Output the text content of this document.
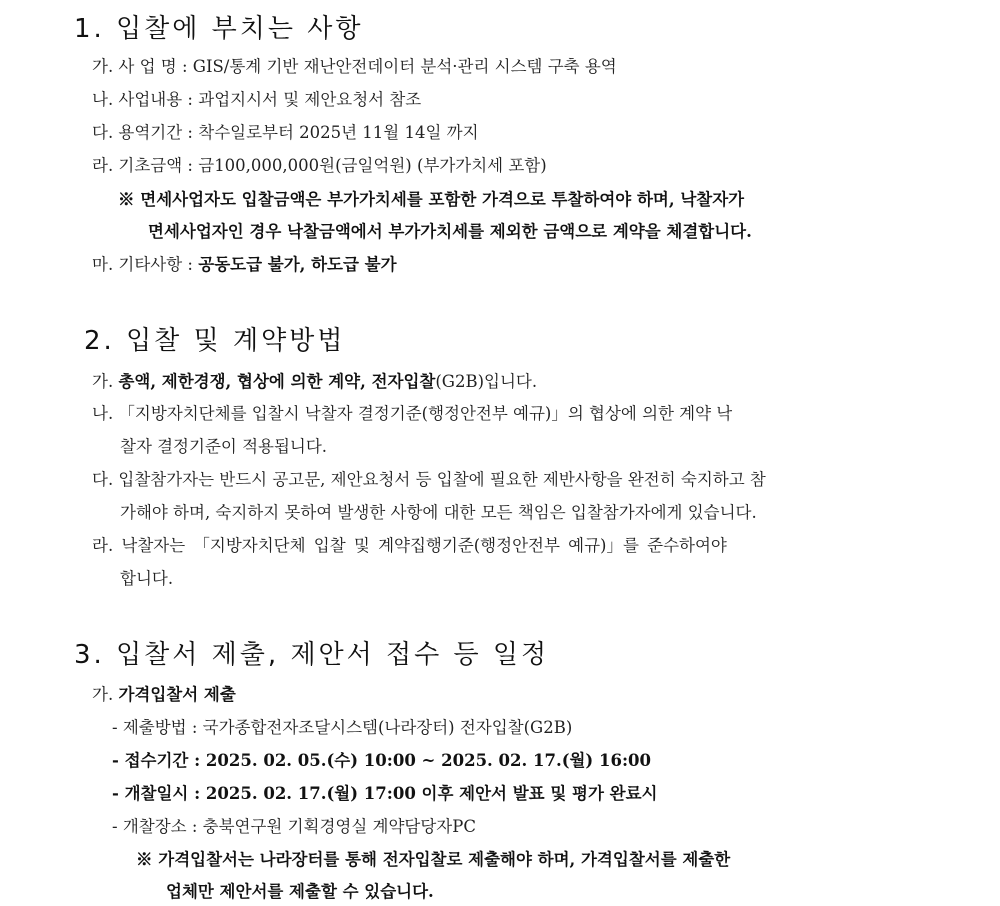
1. 입찰에 부치는 사항
가. 사 업 명 : GIS/통계 기반 재난안전데이터 분석·관리 시스템 구축 용역
나. 사업내용 : 과업지시서 및 제안요청서 참조
다. 용역기간 : 착수일로부터 2025년 11월 14일 까지
라. 기초금액 : 금100,000,000원(금일억원) (부가가치세 포함)
※ 면세사업자도 입찰금액은 부가가치세를 포함한 가격으로 투찰하여야 하며, 낙찰자가
면세사업자인 경우 낙찰금액에서 부가가치세를 제외한 금액으로 계약을 체결합니다.
마. 기타사항 : 공동도급 불가, 하도급 불가
2. 입찰 및 계약방법
가. 총액, 제한경쟁, 협상에 의한 계약, 전자입찰(G2B)입니다.
나. 「지방자치단체를 입찰시 낙찰자 결정기준(행정안전부 예규)」의 협상에 의한 계약 낙
찰자 결정기준이 적용됩니다.
다. 입찰참가자는 반드시 공고문, 제안요청서 등 입찰에 필요한 제반사항을 완전히 숙지하고 참
가해야 하며, 숙지하지 못하여 발생한 사항에 대한 모든 책임은 입찰참가자에게 있습니다.
라. 낙찰자는 「지방자치단체 입찰 및 계약집행기준(행정안전부 예규)」를 준수하여야
합니다.
3. 입찰서 제출, 제안서 접수 등 일정
가. 가격입찰서 제출
- 제출방법 : 국가종합전자조달시스템(나라장터) 전자입찰(G2B)
- 접수기간 : 2025. 02. 05.(수) 10:00 ~ 2025. 02. 17.(월) 16:00
- 개찰일시 : 2025. 02. 17.(월) 17:00 이후 제안서 발표 및 평가 완료시
- 개찰장소 : 충북연구원 기획경영실 계약담당자PC
※ 가격입찰서는 나라장터를 통해 전자입찰로 제출해야 하며, 가격입찰서를 제출한
업체만 제안서를 제출할 수 있습니다.
